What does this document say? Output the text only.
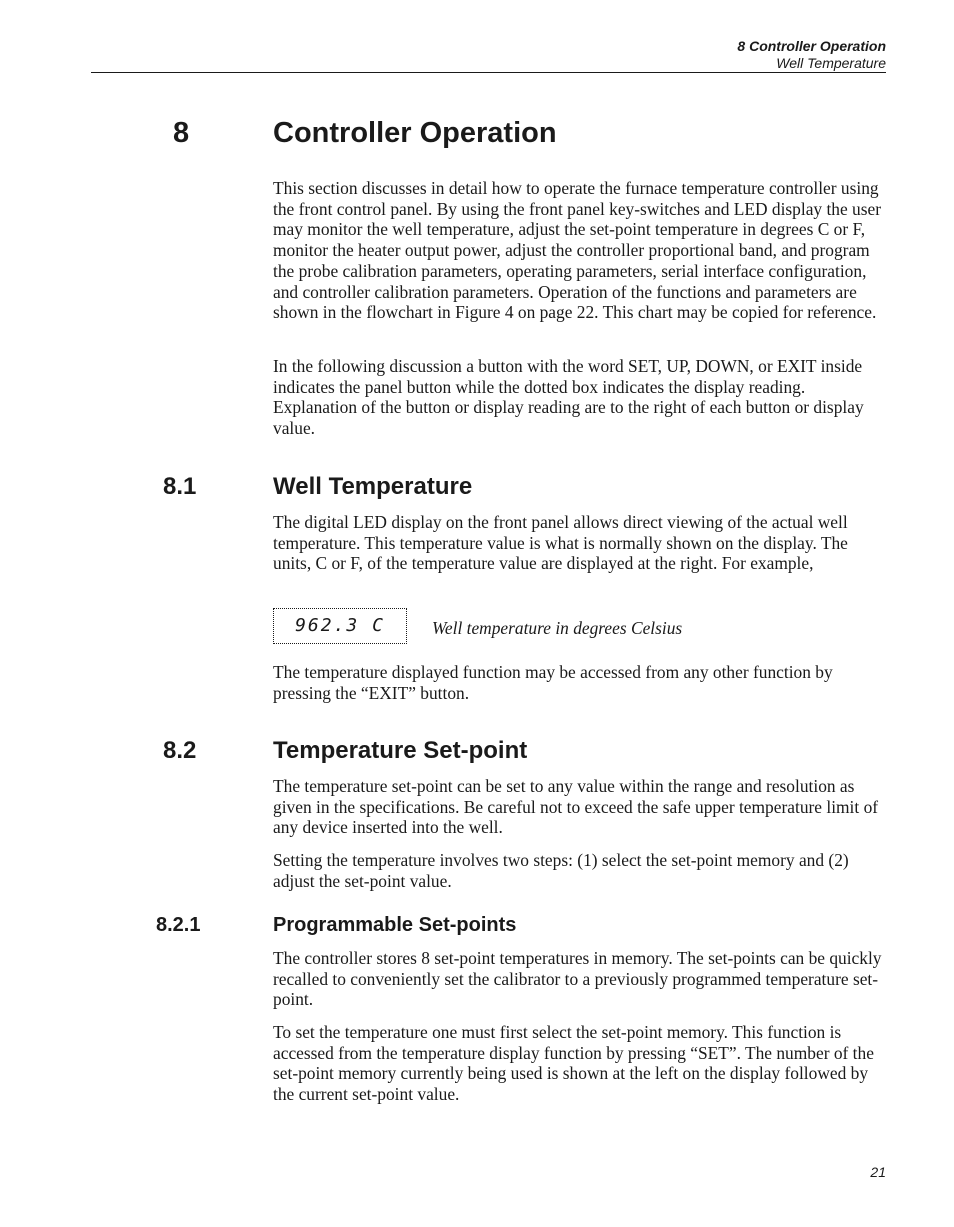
8 Controller Operation
Well Temperature
8	Controller Operation

This section discusses in detail how to operate the furnace temperature controller using the front control panel. By using the front panel key-switches and LED display the user may monitor the well temperature, adjust the set-point temperature in degrees C or F, monitor the heater output power, adjust the controller proportional band, and program the probe calibration parameters, operating parameters, serial interface configuration, and controller calibration parameters. Operation of the functions and parameters are shown in the flowchart in Figure 4 on page 22. This chart may be copied for reference.

In the following discussion a button with the word SET, UP, DOWN, or EXIT inside indicates the panel button while the dotted box indicates the display reading. Explanation of the button or display reading are to the right of each button or display value.

8.1	Well Temperature

The digital LED display on the front panel allows direct viewing of the actual well temperature. This temperature value is what is normally shown on the display. The units, C or F, of the temperature value are displayed at the right. For example,

962.3 C	Well temperature in degrees Celsius

The temperature displayed function may be accessed from any other function by pressing the “EXIT” button.

8.2	Temperature Set-point

The temperature set-point can be set to any value within the range and resolution as given in the specifications. Be careful not to exceed the safe upper temperature limit of any device inserted into the well.

Setting the temperature involves two steps: (1) select the set-point memory and (2) adjust the set-point value.

8.2.1	Programmable Set-points

The controller stores 8 set-point temperatures in memory. The set-points can be quickly recalled to conveniently set the calibrator to a previously programmed temperature set-point.

To set the temperature one must first select the set-point memory. This function is accessed from the temperature display function by pressing “SET”. The number of the set-point memory currently being used is shown at the left on the display followed by the current set-point value.

21
